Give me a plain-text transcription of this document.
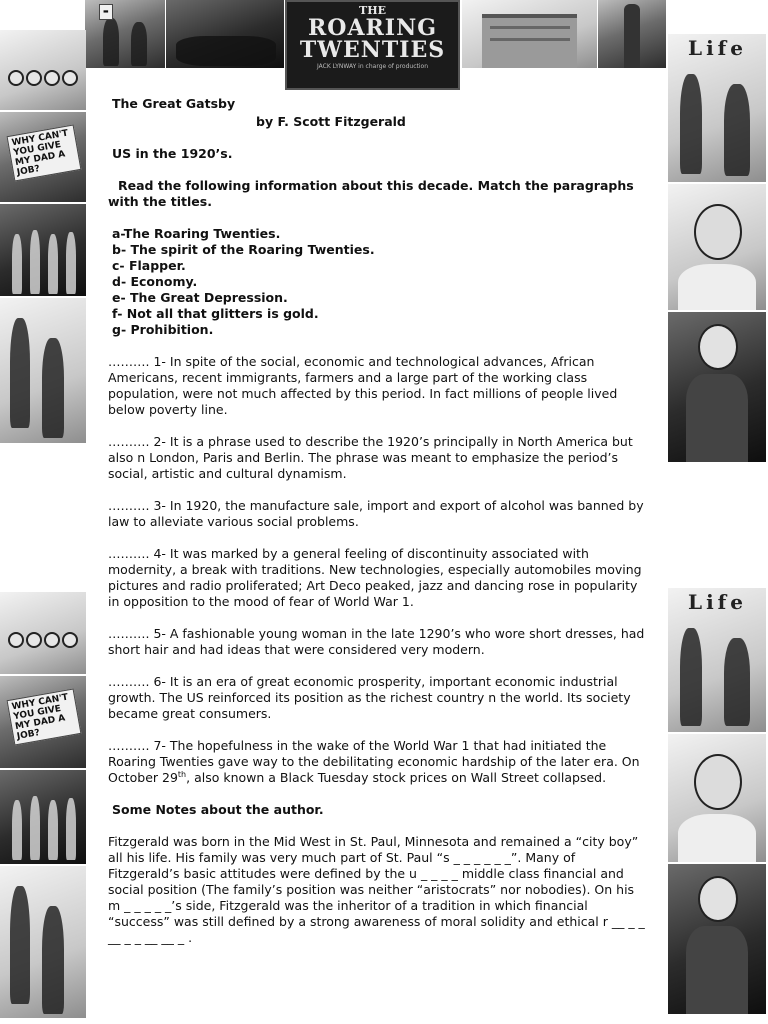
▬	THE
ROARING
TWENTIES
JACK LYNWAY in charge of production
WHY CAN'T YOU GIVE MY DAD A JOB?
WHY CAN'T YOU GIVE MY DAD A JOB?
Life
Life

The Great Gatsby

by F. Scott Fitzgerald

US in the 1920’s.

Read the following information about this decade. Match the paragraphs with the titles.

a-The Roaring Twenties.

b- The spirit of the Roaring Twenties.

c- Flapper.

d- Economy.

e- The Great Depression.

f- Not all that glitters is gold.

g- Prohibition.

………. 1- In spite of the social, economic and technological advances, African Americans, recent immigrants, farmers and a large part of the working class population, were not much affected by this period. In fact millions of people lived below poverty line.

………. 2- It is a phrase used to describe the 1920’s principally in North America but also n London, Paris and Berlin. The phrase was meant to emphasize the period’s social, artistic and cultural dynamism.

………. 3- In 1920, the manufacture sale, import and export of alcohol was banned by law to alleviate various social problems.

………. 4- It was marked by a general feeling of discontinuity associated with modernity, a break with traditions. New technologies, especially automobiles moving pictures and radio proliferated; Art Deco peaked, jazz and dancing rose in popularity in opposition to the mood of fear of World War 1.

………. 5- A fashionable young woman in the late 1290’s who wore short dresses, had short hair and had ideas that were considered very modern.

………. 6- It is an era of great economic prosperity, important economic industrial growth. The US reinforced its position as the richest country n the world. Its society became great consumers.

………. 7- The hopefulness in the wake of the World War 1 that had initiated the Roaring Twenties gave way to the debilitating economic hardship of the later era. On October 29th, also known a Black Tuesday stock prices on Wall Street collapsed.

Some Notes about the author.

Fitzgerald was born in the Mid West in St. Paul, Minnesota and remained a “city boy” all his life. His family was very much part of St. Paul “s _ _ _ _ _ _”. Many of Fitzgerald’s basic attitudes were defined by the u _ _ _ _ middle class financial and social position (The family’s position was neither “aristocrats” nor nobodies). On his m _ _ _ _ _’s side, Fitzgerald was the inheritor of a tradition in which financial “success” was still defined by a strong awareness of moral solidity and ethical r __ _ _ __ _ _ __ __ _ .
